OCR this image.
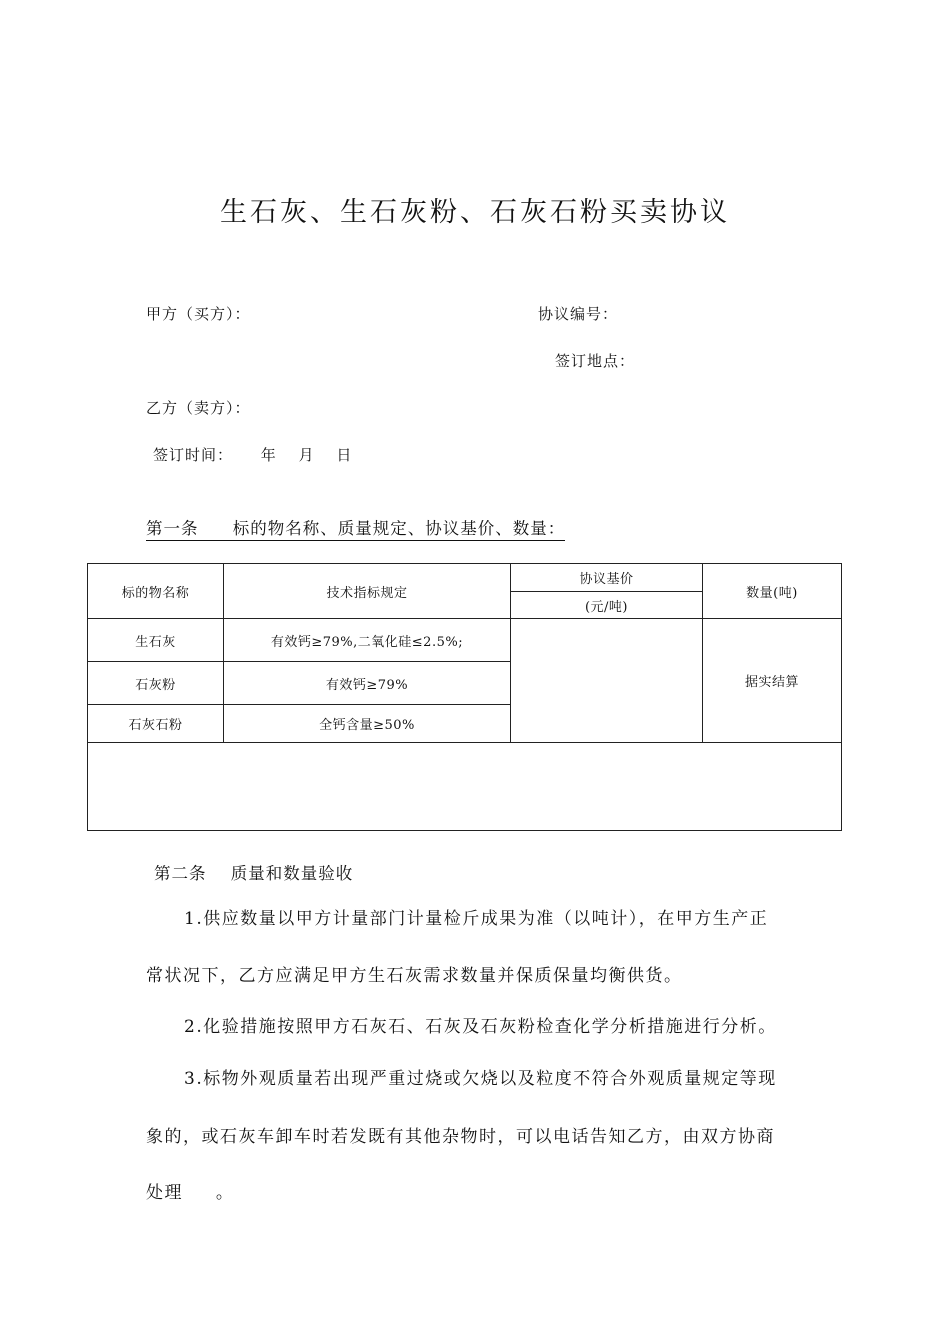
生石灰、生石灰粉、石灰石粉买卖协议
甲方（买方）：	协议编号：
签订地点：
乙方（卖方）：
签订时间： 年 月 日
第一条 标的物名称、质量规定、协议基价、数量：
标的物名称	技术指标规定	协议基价	数量(吨)
		(元/吨)	
生石灰	有效钙≥79%,二氧化硅≤2.5%;		据实结算
石灰粉	有效钙≥79%		
石灰石粉	全钙含量≥50%		

第二条 质量和数量验收
1.供应数量以甲方计量部门计量检斤成果为准（以吨计），在甲方生产正
常状况下，乙方应满足甲方生石灰需求数量并保质保量均衡供货。
2.化验措施按照甲方石灰石、石灰及石灰粉检查化学分析措施进行分析。
3.标物外观质量若出现严重过烧或欠烧以及粒度不符合外观质量规定等现
象的，或石灰车卸车时若发既有其他杂物时，可以电话告知乙方，由双方协商
处理 。
